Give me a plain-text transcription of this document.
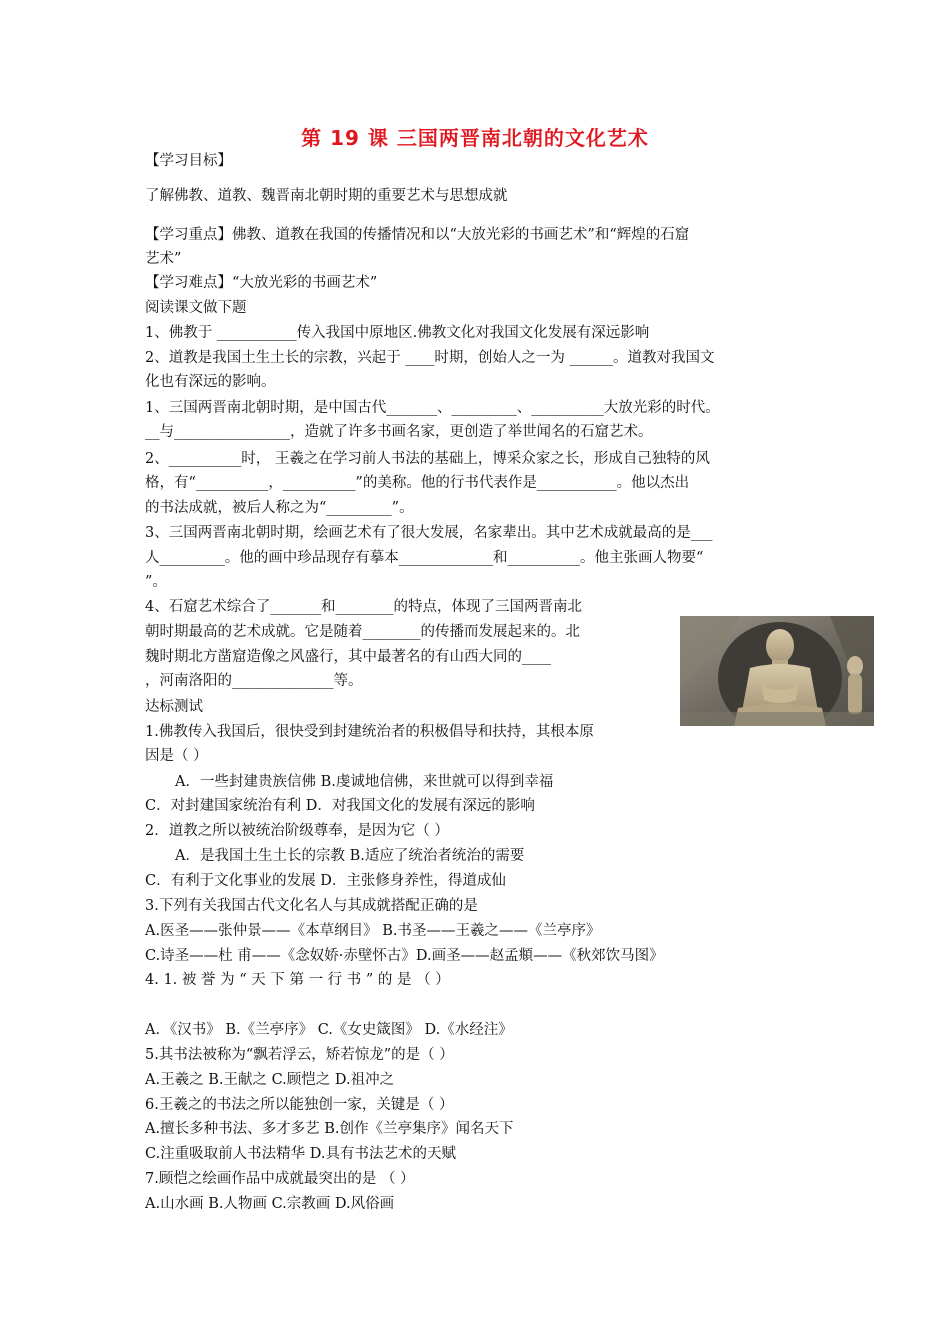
第 19 课 三国两晋南北朝的文化艺术
【学习目标】
了解佛教、道教、魏晋南北朝时期的重要艺术与思想成就
【学习重点】佛教、道教在我国的传播情况和以“大放光彩的书画艺术”和“辉煌的石窟
艺术”
【学习难点】“大放光彩的书画艺术”
阅读课文做下题
1、佛教于 ___________传入我国中原地区.佛教文化对我国文化发展有深远影响
2、道教是我国土生土长的宗教，兴起于 ____时期，创始人之一为 ______。道教对我国文
化也有深远的影响。
1、三国两晋南北朝时期，是中国古代_______、_________、__________大放光彩的时代。
__与________________，造就了许多书画名家，更创造了举世闻名的石窟艺术。
2、__________时， 王羲之在学习前人书法的基础上，博采众家之长，形成自己独特的风
格，有“__________，__________”的美称。他的行书代表作是___________。他以杰出
的书法成就，被后人称之为“_________”。
3、三国两晋南北朝时期，绘画艺术有了很大发展，名家辈出。其中艺术成就最高的是___
人_________。他的画中珍品现存有摹本_____________和__________。他主张画人物要“
”。
4、石窟艺术综合了_______和________的特点，体现了三国两晋南北
朝时期最高的艺术成就。它是随着________的传播而发展起来的。北
魏时期北方凿窟造像之风盛行，其中最著名的有山西大同的____
，河南洛阳的______________等。
达标测试
1.佛教传入我国后，很快受到封建统治者的积极倡导和扶持，其根本原
因是（ ）
A．一些封建贵族信佛 B.虔诚地信佛，来世就可以得到幸福
C．对封建国家统治有利 D．对我国文化的发展有深远的影响
2．道教之所以被统治阶级尊奉，是因为它（ ）
A．是我国土生土长的宗教 B.适应了统治者统治的需要
C．有利于文化事业的发展 D．主张修身养性，得道成仙
3.下列有关我国古代文化名人与其成就搭配正确的是
A.医圣——张仲景——《本草纲目》 B.书圣——王羲之——《兰亭序》
C.诗圣——杜 甫——《念奴娇·赤壁怀古》D.画圣——赵孟頫——《秋郊饮马图》
4. 1. 被 誉 为 “ 天 下 第 一 行 书 ” 的 是 （ ）
A．《汉书》 B.《兰亭序》 C.《女史箴图》 D.《水经注》
5.其书法被称为“飘若浮云，矫若惊龙”的是（ ）
A.王羲之 B.王献之 C.顾恺之 D.祖冲之
6.王羲之的书法之所以能独创一家，关键是（ ）
A.擅长多种书法、多才多艺 B.创作《兰亭集序》闻名天下
C.注重吸取前人书法精华 D.具有书法艺术的天赋
7.顾恺之绘画作品中成就最突出的是 （ ）
A.山水画 B.人物画 C.宗教画 D.风俗画
